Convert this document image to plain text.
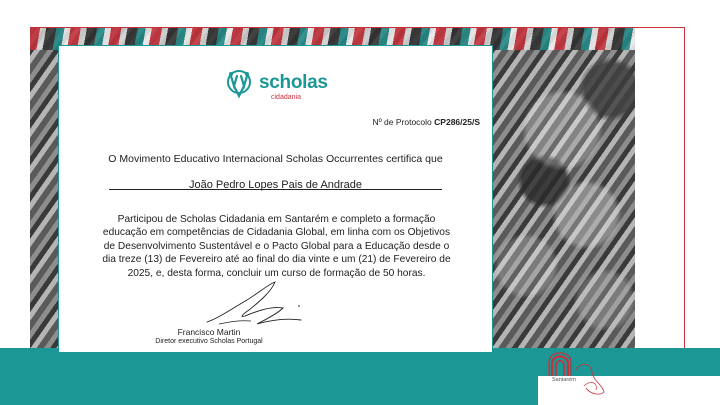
scholas
cidadania
Nº de Protocolo CP286/25/S
O Movimento Educativo Internacional Scholas Occurrentes certifica que
João Pedro Lopes Pais de Andrade
Participou de Scholas Cidadania em Santarém e completo a formação
educação em competências de Cidadania Global, em linha com os Objetivos
de Desenvolvimento Sustentável e o Pacto Global para a Educação desde o
dia treze (13) de Fevereiro até ao final do dia vinte e um (21) de Fevereiro de
2025, e, desta forma, concluir um curso de formação de 50 horas.
Francisco Martin
Diretor executivo Scholas Portugal
Santarém
